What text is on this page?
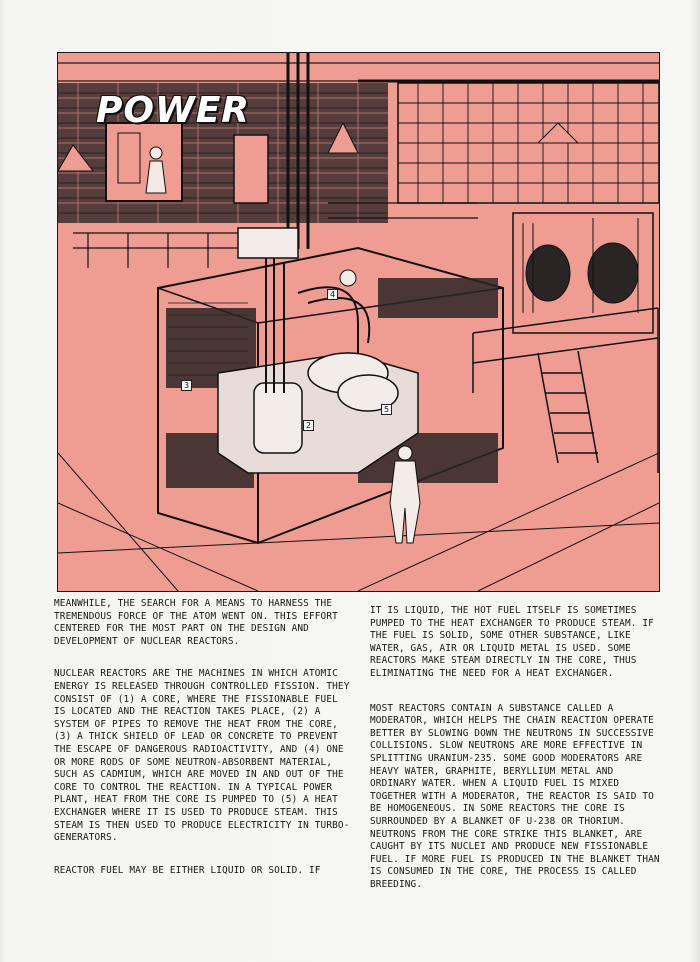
POWER
4
3
2
5

MEANWHILE, THE SEARCH FOR A MEANS TO HARNESS THE TREMENDOUS FORCE OF THE ATOM WENT ON. THIS EFFORT CENTERED FOR THE MOST PART ON THE DESIGN AND DEVELOPMENT OF NUCLEAR REACTORS.

NUCLEAR REACTORS ARE THE MACHINES IN WHICH ATOMIC ENERGY IS RELEASED THROUGH CONTROLLED FISSION. THEY CONSIST OF (1) A CORE, WHERE THE FISSIONABLE FUEL IS LOCATED AND THE REACTION TAKES PLACE, (2) A SYSTEM OF PIPES TO REMOVE THE HEAT FROM THE CORE, (3) A THICK SHIELD OF LEAD OR CONCRETE TO PREVENT THE ESCAPE OF DANGEROUS RADIOACTIVITY, AND (4) ONE OR MORE RODS OF SOME NEUTRON-ABSORBENT MATERIAL, SUCH AS CADMIUM, WHICH ARE MOVED IN AND OUT OF THE CORE TO CONTROL THE REACTION. IN A TYPICAL POWER PLANT, HEAT FROM THE CORE IS PUMPED TO (5) A HEAT EXCHANGER WHERE IT IS USED TO PRODUCE STEAM. THIS STEAM IS THEN USED TO PRODUCE ELECTRICITY IN TURBO-GENERATORS.

REACTOR FUEL MAY BE EITHER LIQUID OR SOLID. IF

IT IS LIQUID, THE HOT FUEL ITSELF IS SOMETIMES PUMPED TO THE HEAT EXCHANGER TO PRODUCE STEAM. IF THE FUEL IS SOLID, SOME OTHER SUBSTANCE, LIKE WATER, GAS, AIR OR LIQUID METAL IS USED. SOME REACTORS MAKE STEAM DIRECTLY IN THE CORE, THUS ELIMINATING THE NEED FOR A HEAT EXCHANGER.

MOST REACTORS CONTAIN A SUBSTANCE CALLED A MODERATOR, WHICH HELPS THE CHAIN REACTION OPERATE BETTER BY SLOWING DOWN THE NEUTRONS IN SUCCESSIVE COLLISIONS. SLOW NEUTRONS ARE MORE EFFECTIVE IN SPLITTING URANIUM-235. SOME GOOD MODERATORS ARE HEAVY WATER, GRAPHITE, BERYLLIUM METAL AND ORDINARY WATER. WHEN A LIQUID FUEL IS MIXED TOGETHER WITH A MODERATOR, THE REACTOR IS SAID TO BE HOMOGENEOUS. IN SOME REACTORS THE CORE IS SURROUNDED BY A BLANKET OF U-238 OR THORIUM. NEUTRONS FROM THE CORE STRIKE THIS BLANKET, ARE CAUGHT BY ITS NUCLEI AND PRODUCE NEW FISSIONABLE FUEL. IF MORE FUEL IS PRODUCED IN THE BLANKET THAN IS CONSUMED IN THE CORE, THE PROCESS IS CALLED BREEDING.
